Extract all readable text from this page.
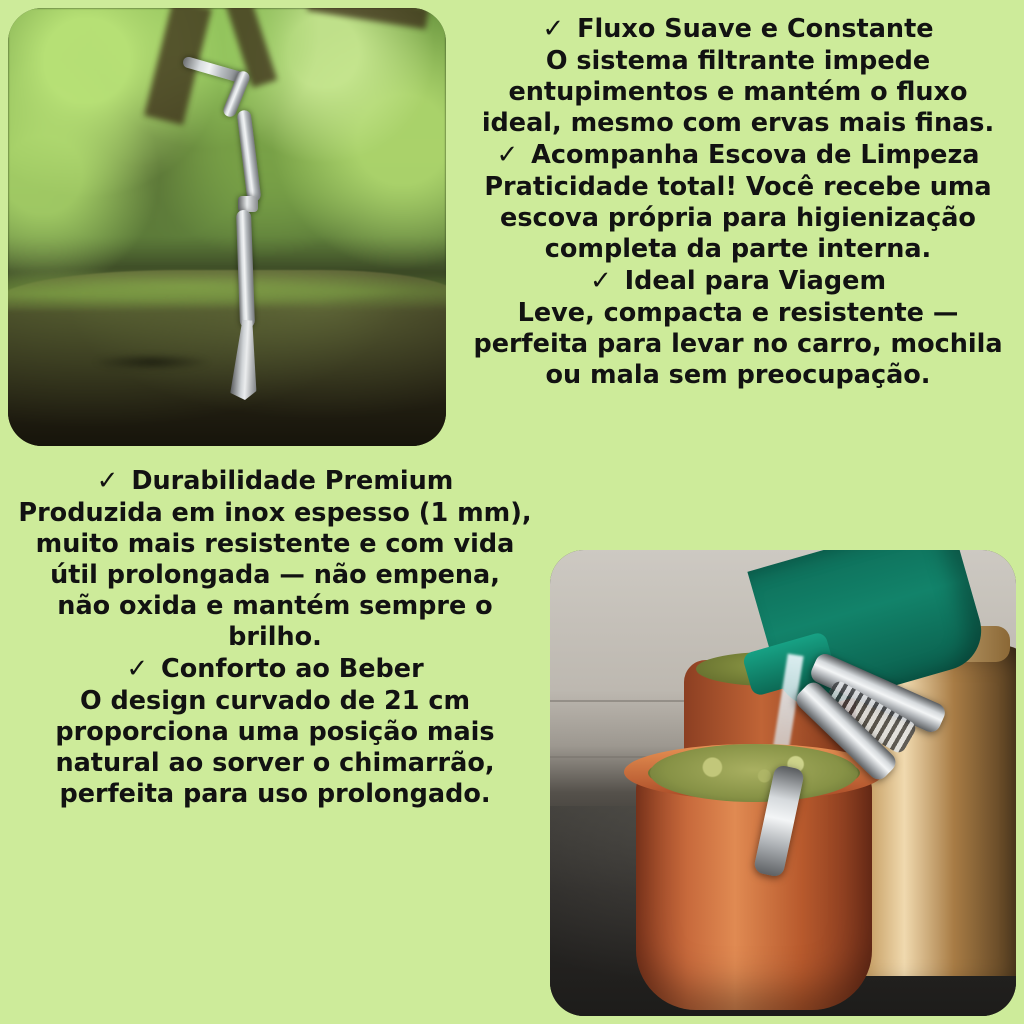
✓ Fluxo Suave e Constante
O sistema filtrante impede
entupimentos e mantém o fluxo
ideal, mesmo com ervas mais finas.

✓ Acompanha Escova de Limpeza
Praticidade total! Você recebe uma
escova própria para higienização
completa da parte interna.

✓ Ideal para Viagem
Leve, compacta e resistente —
perfeita para levar no carro, mochila
ou mala sem preocupação.

✓ Durabilidade Premium
Produzida em inox espesso (1 mm),
muito mais resistente e com vida
útil prolongada — não empena,
não oxida e mantém sempre o
brilho.

✓ Conforto ao Beber
O design curvado de 21 cm
proporciona uma posição mais
natural ao sorver o chimarrão,
perfeita para uso prolongado.
